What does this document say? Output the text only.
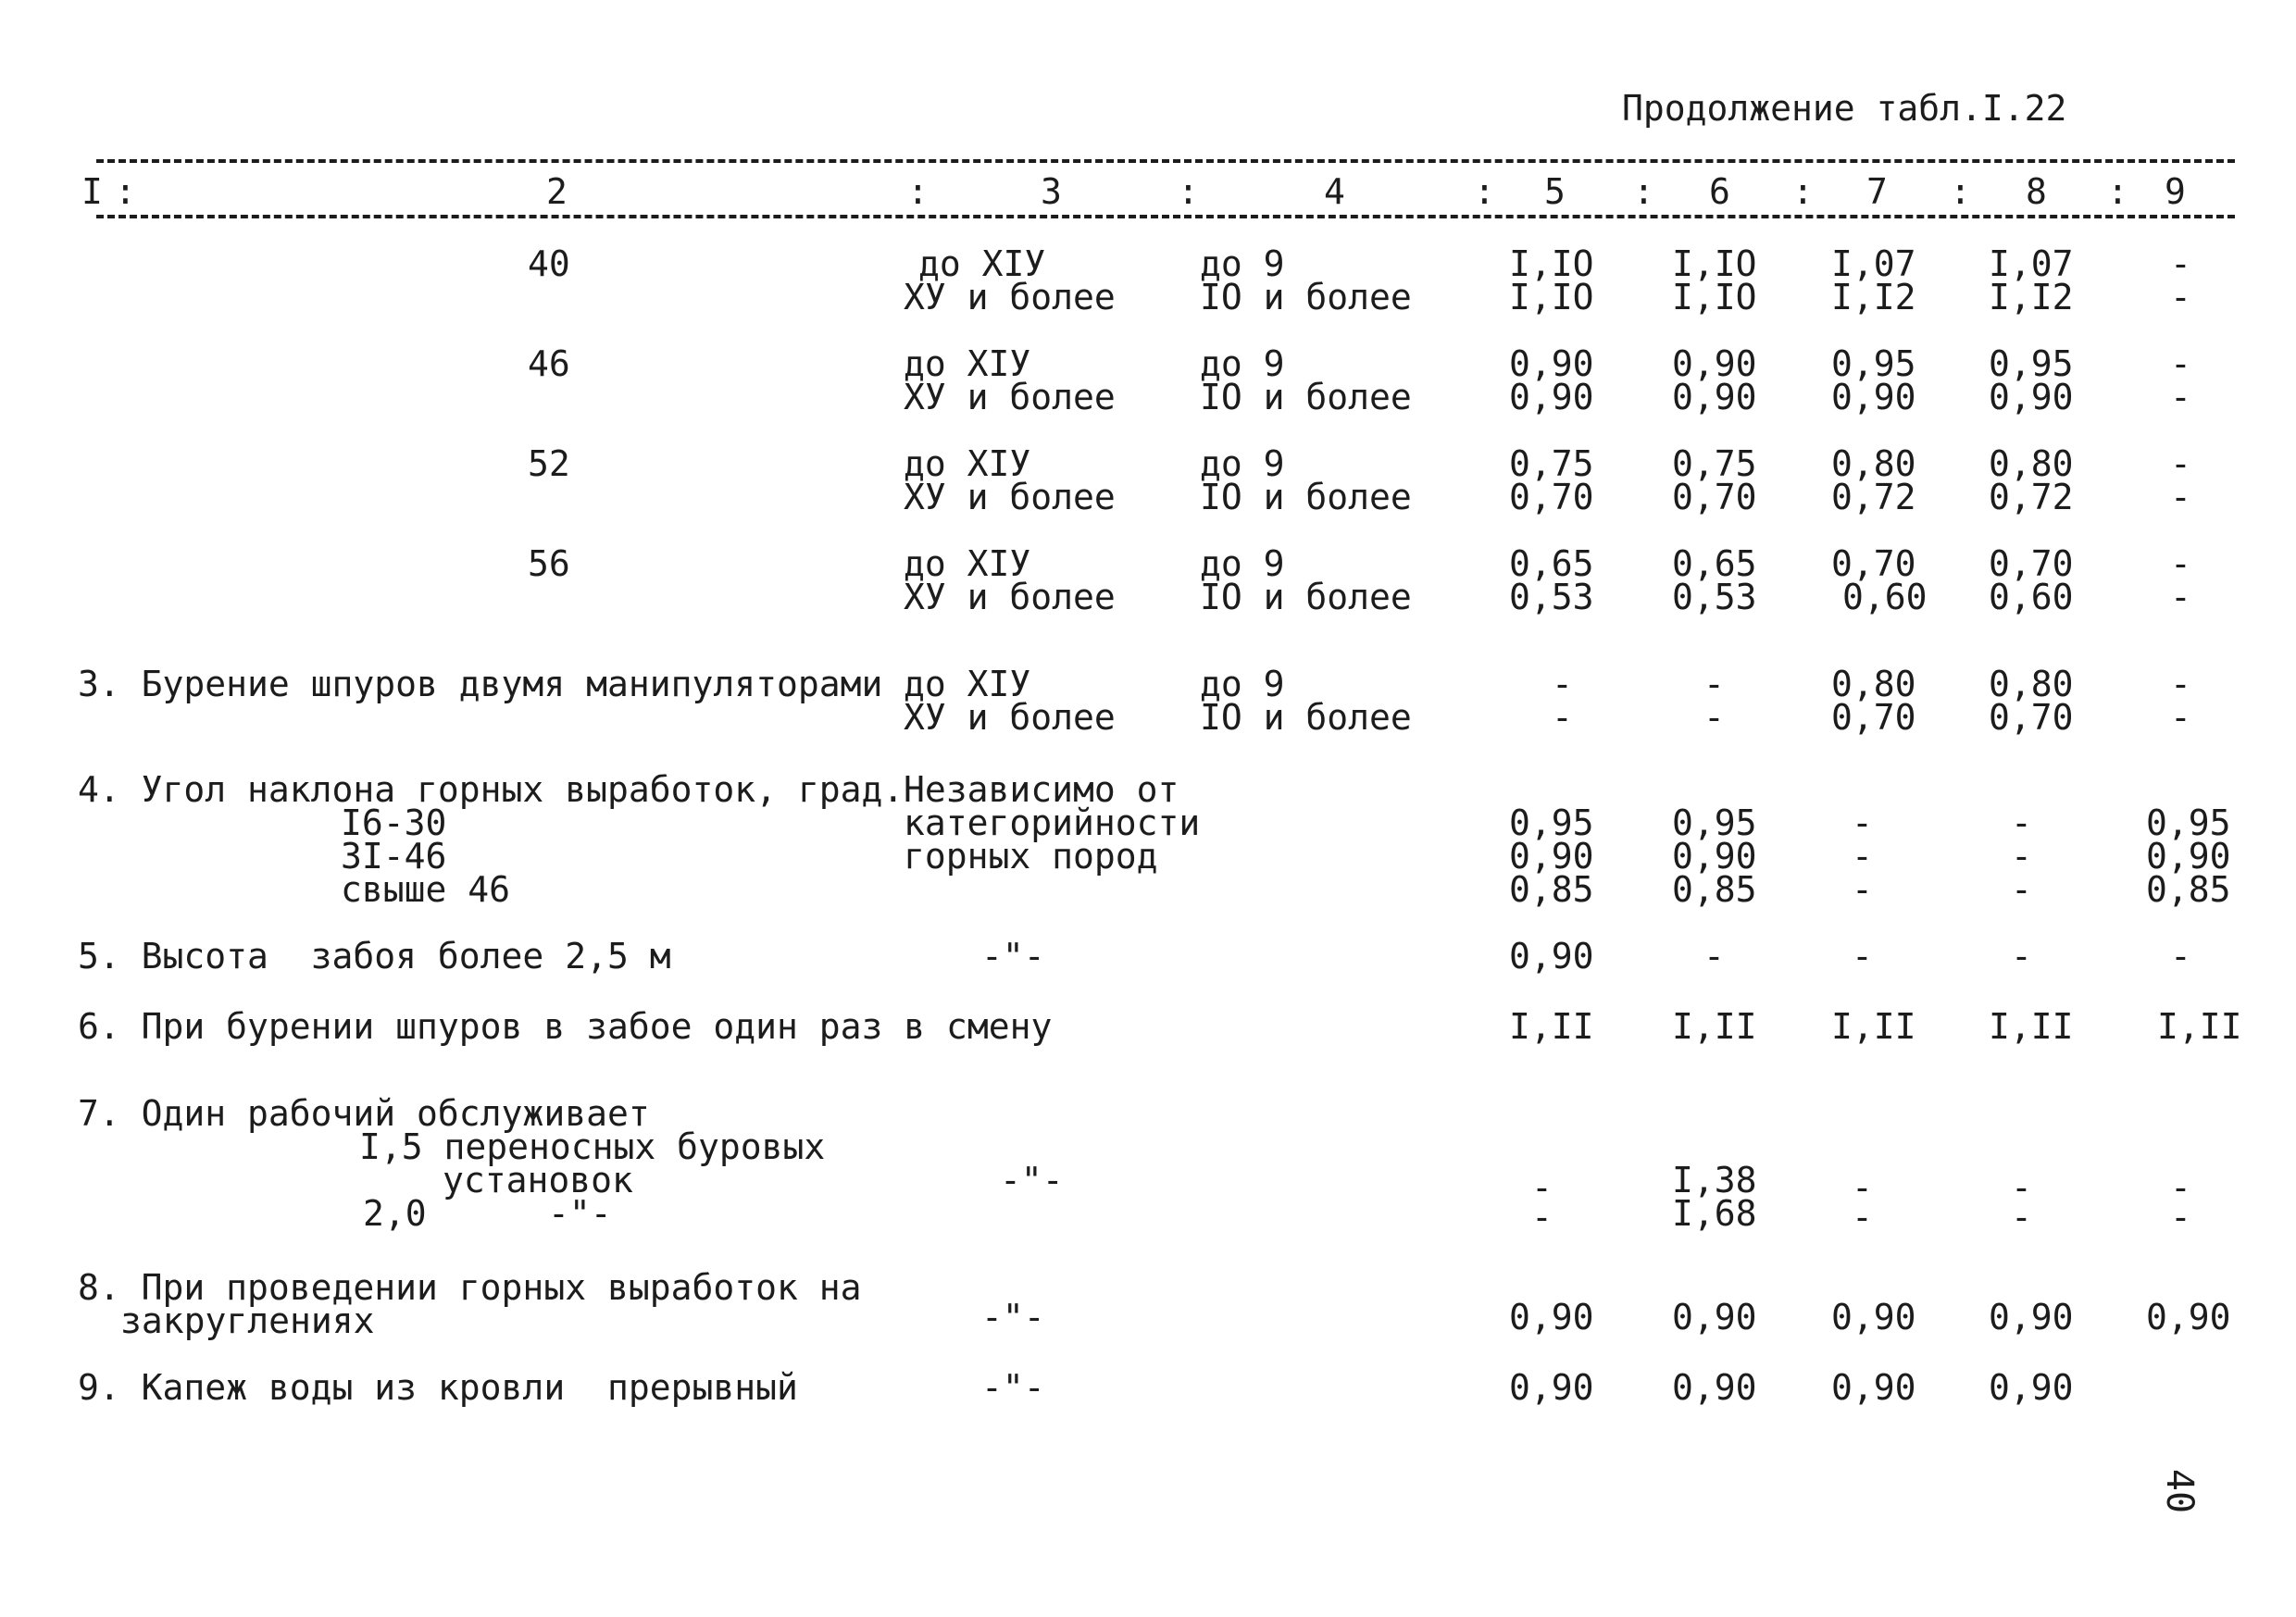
Продолжение табл.I.22
I :	2	:	3	:	4	: 5 : 6 : 7 : 8 : 9
40	до XIУ
ХУ и более
до 9
IO и более
I,IO I,IO I,07 I,07	-
I,IO I,IO I,I2 I,I2	-
46	до XIУ
ХУ и более
до 9
IO и более
0,90 0,90 0,95 0,95	-
0,90 0,90 0,90 0,90	-
52	до XIУ
ХУ и более
до 9
IO и более
0,75 0,75 0,80 0,80	-
0,70 0,70 0,72 0,72	-
56	до XIУ
ХУ и более
до 9
IO и более
0,65 0,65 0,70 0,70	-
0,53 0,53 0,60 0,60	-
3. Бурение шпуров двумя манипуляторами до XIУ
ХУ и более
до 9
IO и более
-	-	0,80 0,80	-
-	-	0,70 0,70	-
4. Угол наклона горных выработок, град. Независимо от
категорийности
горных пород
I6-30
3I-46
свыше 46
0,95 0,95	-	-	0,95
0,90 0,90	-	-	0,90
0,85 0,85	-	-	0,85
5. Высота  забоя более 2,5 м	-"-	0,90	-	-	-	-
6. При бурении шпуров в забое один раз в смену	I,II I,II I,II I,II I,II
7. Один рабочий обслуживает
I,5 переносных буровых
установок
2,0	-"-
-"-	-	I,38	-	-	-
-	I,68	-	-	-
8. При проведении горных выработок на
закруглениях	-"-	0,90 0,90 0,90 0,90 0,90
9. Капеж воды из кровли  прерывный	-"-	0,90 0,90 0,90 0,90
40
